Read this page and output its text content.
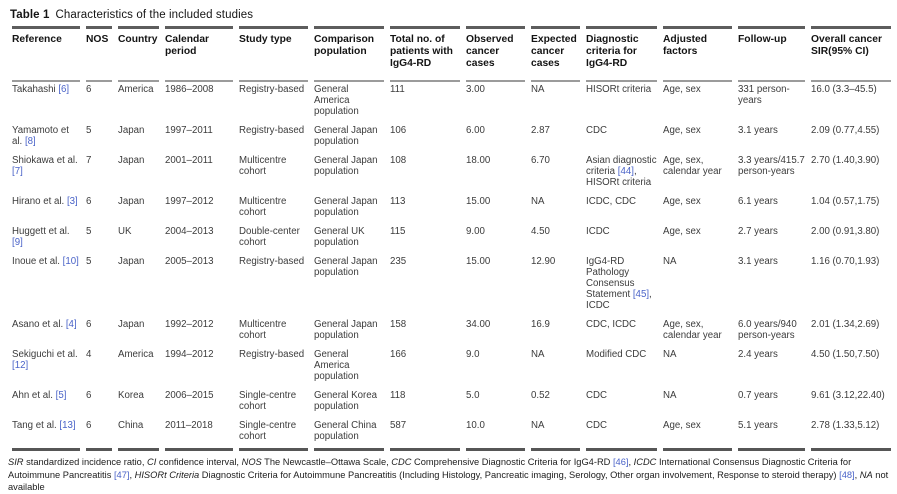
Table 1 Characteristics of the included studies

Reference	NOS	Country	Calendar period	Study type	Comparison population	Total no. of patients with IgG4-RD	Observed cancer cases	Expected cancer cases	Diagnostic criteria for IgG4-RD	Adjusted factors	Follow-up	Overall cancer SIR(95% CI)
Takahashi [6]	6	America	1986–2008	Registry-based	General America population	111	3.00	NA	HISORt criteria	Age, sex	331 person-years	16.0 (3.3–45.5)
Yamamoto et al. [8]	5	Japan	1997–2011	Registry-based	General Japan population	106	6.00	2.87	CDC	Age, sex	3.1 years	2.09 (0.77,4.55)
Shiokawa et al. [7]	7	Japan	2001–2011	Multicentre cohort	General Japan population	108	18.00	6.70	Asian diagnostic criteria [44], HISORt criteria	Age, sex, calendar year	3.3 years/415.7 person-years	2.70 (1.40,3.90)
Hirano et al. [3]	6	Japan	1997–2012	Multicentre cohort	General Japan population	113	15.00	NA	ICDC, CDC	Age, sex	6.1 years	1.04 (0.57,1.75)
Huggett et al. [9]	5	UK	2004–2013	Double-center cohort	General UK population	115	9.00	4.50	ICDC	Age, sex	2.7 years	2.00 (0.91,3.80)
Inoue et al. [10]	5	Japan	2005–2013	Registry-based	General Japan population	235	15.00	12.90	IgG4-RD Pathology Consensus Statement [45], ICDC	NA	3.1 years	1.16 (0.70,1.93)
Asano et al. [4]	6	Japan	1992–2012	Multicentre cohort	General Japan population	158	34.00	16.9	CDC, ICDC	Age, sex, calendar year	6.0 years/940 person-years	2.01 (1.34,2.69)
Sekiguchi et al. [12]	4	America	1994–2012	Registry-based	General America population	166	9.0	NA	Modified CDC	NA	2.4 years	4.50 (1.50,7.50)
Ahn et al. [5]	6	Korea	2006–2015	Single-centre cohort	General Korea population	118	5.0	0.52	CDC	NA	0.7 years	9.61 (3.12,22.40)
Tang et al. [13]	6	China	2011–2018	Single-centre cohort	General China population	587	10.0	NA	CDC	Age, sex	5.1 years	2.78 (1.33,5.12)

SIR standardized incidence ratio, CI confidence interval, NOS The Newcastle–Ottawa Scale, CDC Comprehensive Diagnostic Criteria for IgG4-RD [46], ICDC International Consensus Diagnostic Criteria for Autoimmune Pancreatitis [47], HISORt Criteria Diagnostic Criteria for Autoimmune Pancreatitis (Including Histology, Pancreatic imaging, Serology, Other organ involvement, Response to steroid therapy) [48], NA not available
